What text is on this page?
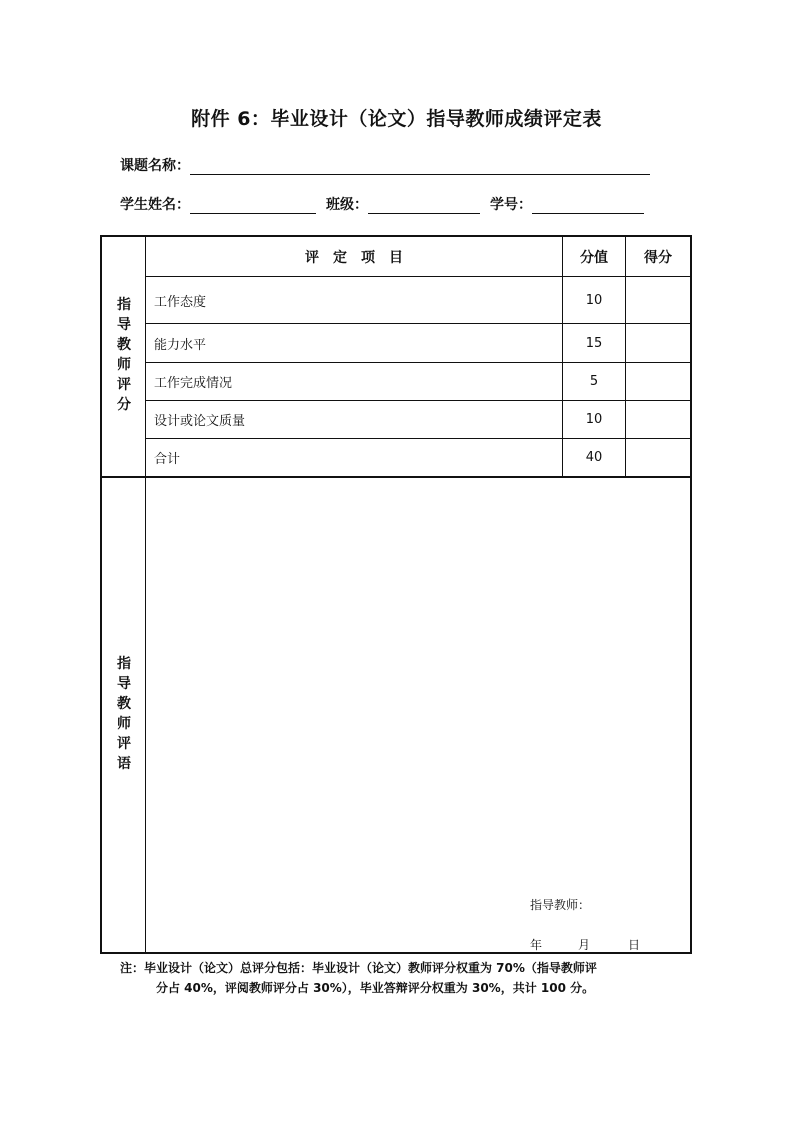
附件 6：毕业设计（论文）指导教师成绩评定表
课题名称：
学生姓名：	班级：	学号：
指
导
教
师
评
分
评　定　项　目	分值	得分
工作态度	10
能力水平	15
工作完成情况	5
设计或论文质量	10
合计	40
指
导
教
师
评
语
指导教师：
年	月	日
注：毕业设计（论文）总评分包括：毕业设计（论文）教师评分权重为 70%（指导教师评
分占 40%，评阅教师评分占 30%），毕业答辩评分权重为 30%，共计 100 分。
